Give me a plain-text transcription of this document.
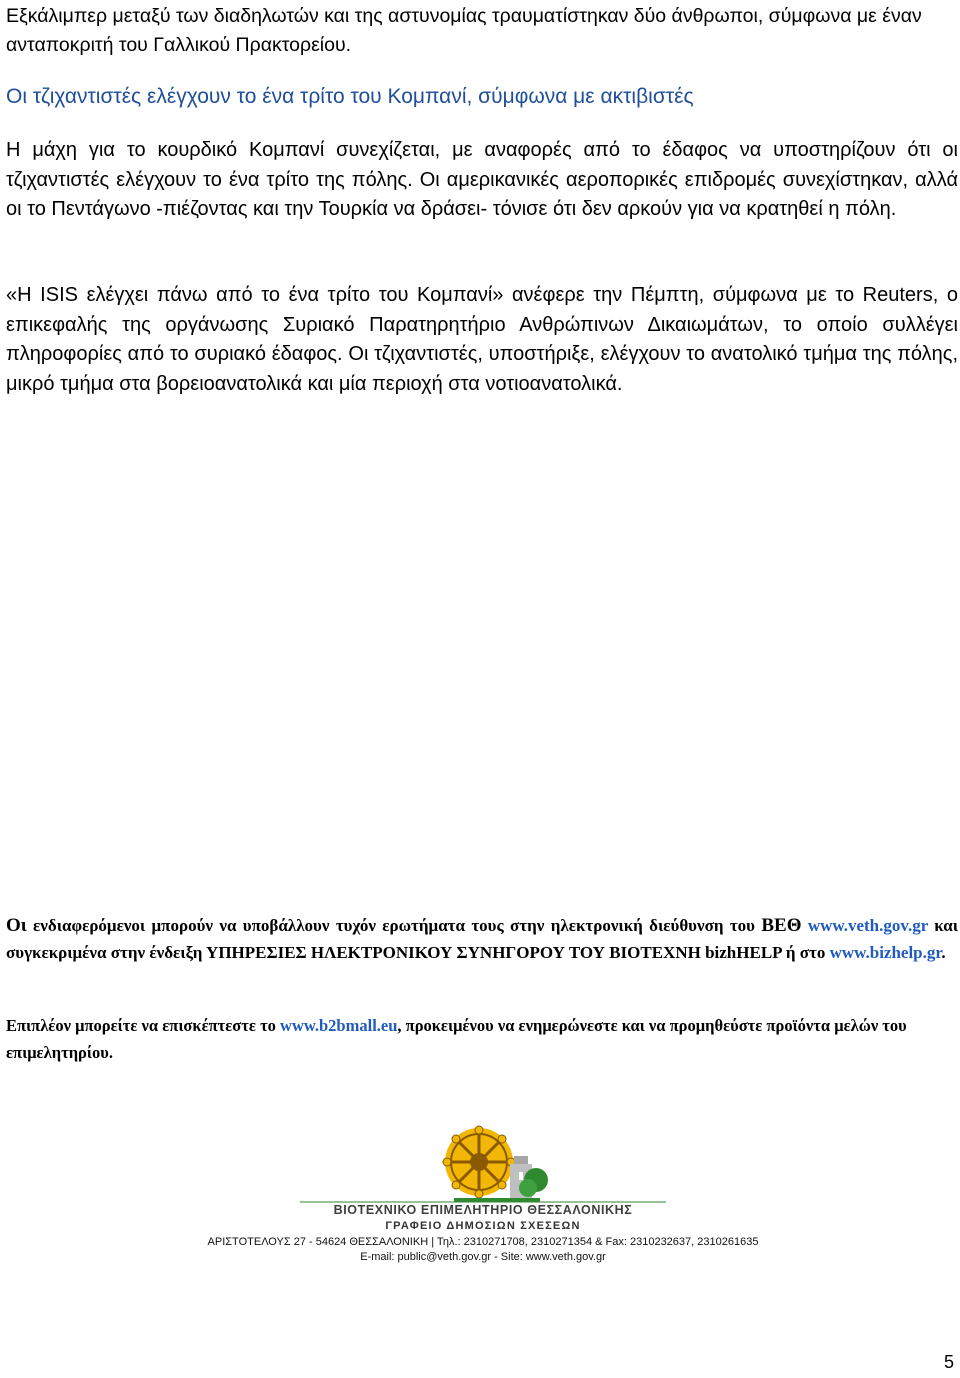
Εξκάλιμπερ μεταξύ των διαδηλωτών και της αστυνομίας τραυματίστηκαν δύο άνθρωποι, σύμφωνα με έναν ανταποκριτή του Γαλλικού Πρακτορείου.

Οι τζιχαντιστές ελέγχουν το ένα τρίτο του Κομπανί, σύμφωνα με ακτιβιστές

Η μάχη για το κουρδικό Κομπανί συνεχίζεται, με αναφορές από το έδαφος να υποστηρίζουν ότι οι τζιχαντιστές ελέγχουν το ένα τρίτο της πόλης. Οι αμερικανικές αεροπορικές επιδρομές συνεχίστηκαν, αλλά οι το Πεντάγωνο -πιέζοντας και την Τουρκία να δράσει- τόνισε ότι δεν αρκούν για να κρατηθεί η πόλη.

«Η ISIS ελέγχει πάνω από το ένα τρίτο του Κομπανί» ανέφερε την Πέμπτη, σύμφωνα με το Reuters, ο επικεφαλής της οργάνωσης Συριακό Παρατηρητήριο Ανθρώπινων Δικαιωμάτων, το οποίο συλλέγει πληροφορίες από το συριακό έδαφος. Οι τζιχαντιστές, υποστήριξε, ελέγχουν το ανατολικό τμήμα της πόλης, μικρό τμήμα στα βορειοανατολικά και μία περιοχή στα νοτιοανατολικά.

Οι ενδιαφερόμενοι μπορούν να υποβάλλουν τυχόν ερωτήματα τους στην ηλεκτρονική διεύθυνση του ΒΕΘ www.veth.gov.gr και συγκεκριμένα στην ένδειξη ΥΠΗΡΕΣΙΕΣ ΗΛΕΚΤΡΟΝΙΚΟΥ ΣΥΝΗΓΟΡΟΥ ΤΟΥ ΒΙΟΤΕΧΝΗ bizhHELP ή στο www.bizhelp.gr.

Επιπλέον μπορείτε να επισκέπτεστε το www.b2bmall.eu, προκειμένου να ενημερώνεστε και να προμηθεύστε προϊόντα μελών του επιμελητηρίου.

ΒΙΟΤΕΧΝΙΚΟ ΕΠΙΜΕΛΗΤΗΡΙΟ ΘΕΣΣΑΛΟΝΙΚΗΣ
ΓΡΑΦΕΙΟ ΔΗΜΟΣΙΩΝ ΣΧΕΣΕΩΝ
ΑΡΙΣΤΟΤΕΛΟΥΣ 27 - 54624 ΘΕΣΣΑΛΟΝΙΚΗ | Τηλ.: 2310271708, 2310271354 & Fax: 2310232637, 2310261635
E-mail: public@veth.gov.gr - Site: www.veth.gov.gr
5
